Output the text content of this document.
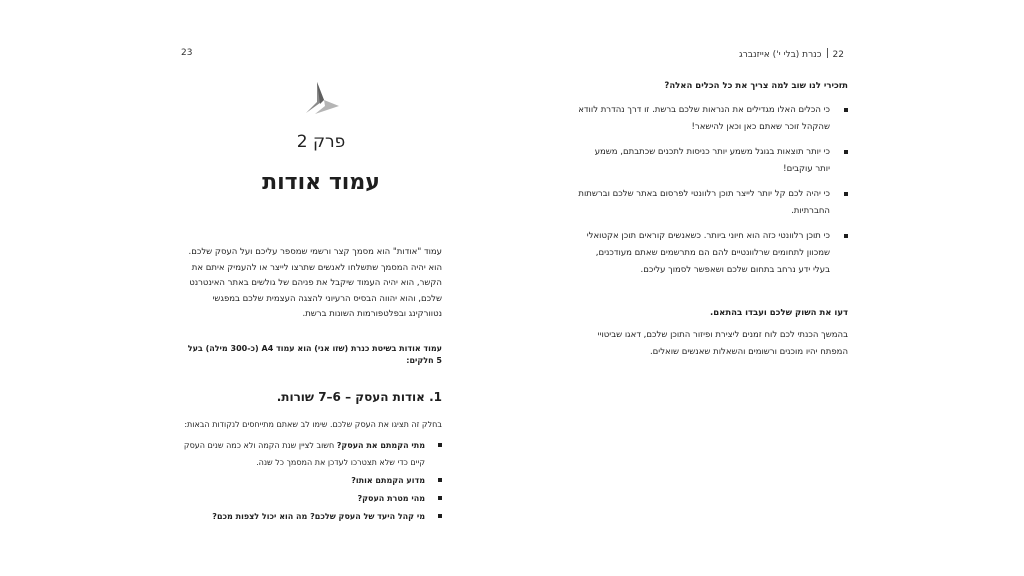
23	22כנרת (בלי י') אייזנברג

תזכירי לנו שוב למה צריך את כל הכלים האלה?

כי הכלים האלו מגדילים את הנראות שלכם ברשת. זו דרך נהדרת לוודא שהקהל זוכר שאתם כאן וכאן להישאר!
כי יותר תוצאות בגוגל משמע יותר כניסות לתכנים שכתבתם, משמע יותר עוקבים!
כי יהיה לכם קל יותר לייצר תוכן רלוונטי לפרסום באתר שלכם וברשתות החברתיות.
כי תוכן רלוונטי כזה הוא חיוני ביותר. כשאנשים קוראים תוכן אקטואלי שמכוון לתחומים שרלוונטיים להם הם מתרשמים שאתם מעודכנים, בעלי ידע נרחב בתחום שלכם ושאפשר לסמוך עליכם.

דעו את השוק שלכם ועבדו בהתאם.

בהמשך הכנתי לכם לוח זמנים ליצירת ופיזור התוכן שלכם, דאגו שביטויי המפתח יהיו מוכנים ורשומים והשאלות שאנשים שואלים.

פרק 2
עמוד אודות

עמוד "אודות" הוא מסמך קצר ורשמי שמספר עליכם ועל העסק שלכם. הוא יהיה המסמך שתשלחו לאנשים שתרצו לייצר או להעמיק איתם את הקשר, הוא יהיה העמוד שיקבל את פניהם של גולשים באתר האינטרנט שלכם, והוא יהווה הבסיס הרעיוני להצגה העצמית שלכם במפגשי נטוורקינג ובפלטפורמות השונות ברשת.

עמוד אודות בשיטת כנרת (שזו אני) הוא עמוד A4 (כ-300 מילה) בעל 5 חלקים:

1. אודות העסק – 6–7 שורות.

בחלק זה תציגו את העסק שלכם. שימו לב שאתם מתייחסים לנקודות הבאות:

מתי הקמתם את העסק? חשוב לציין שנת הקמה ולא כמה שנים העסק קיים כדי שלא תצטרכו לעדכן את המסמך כל שנה.
מדוע הקמתם אותו?
מהי מטרת העסק?
מי קהל היעד של העסק שלכם? מה הוא יכול לצפות מכם?
